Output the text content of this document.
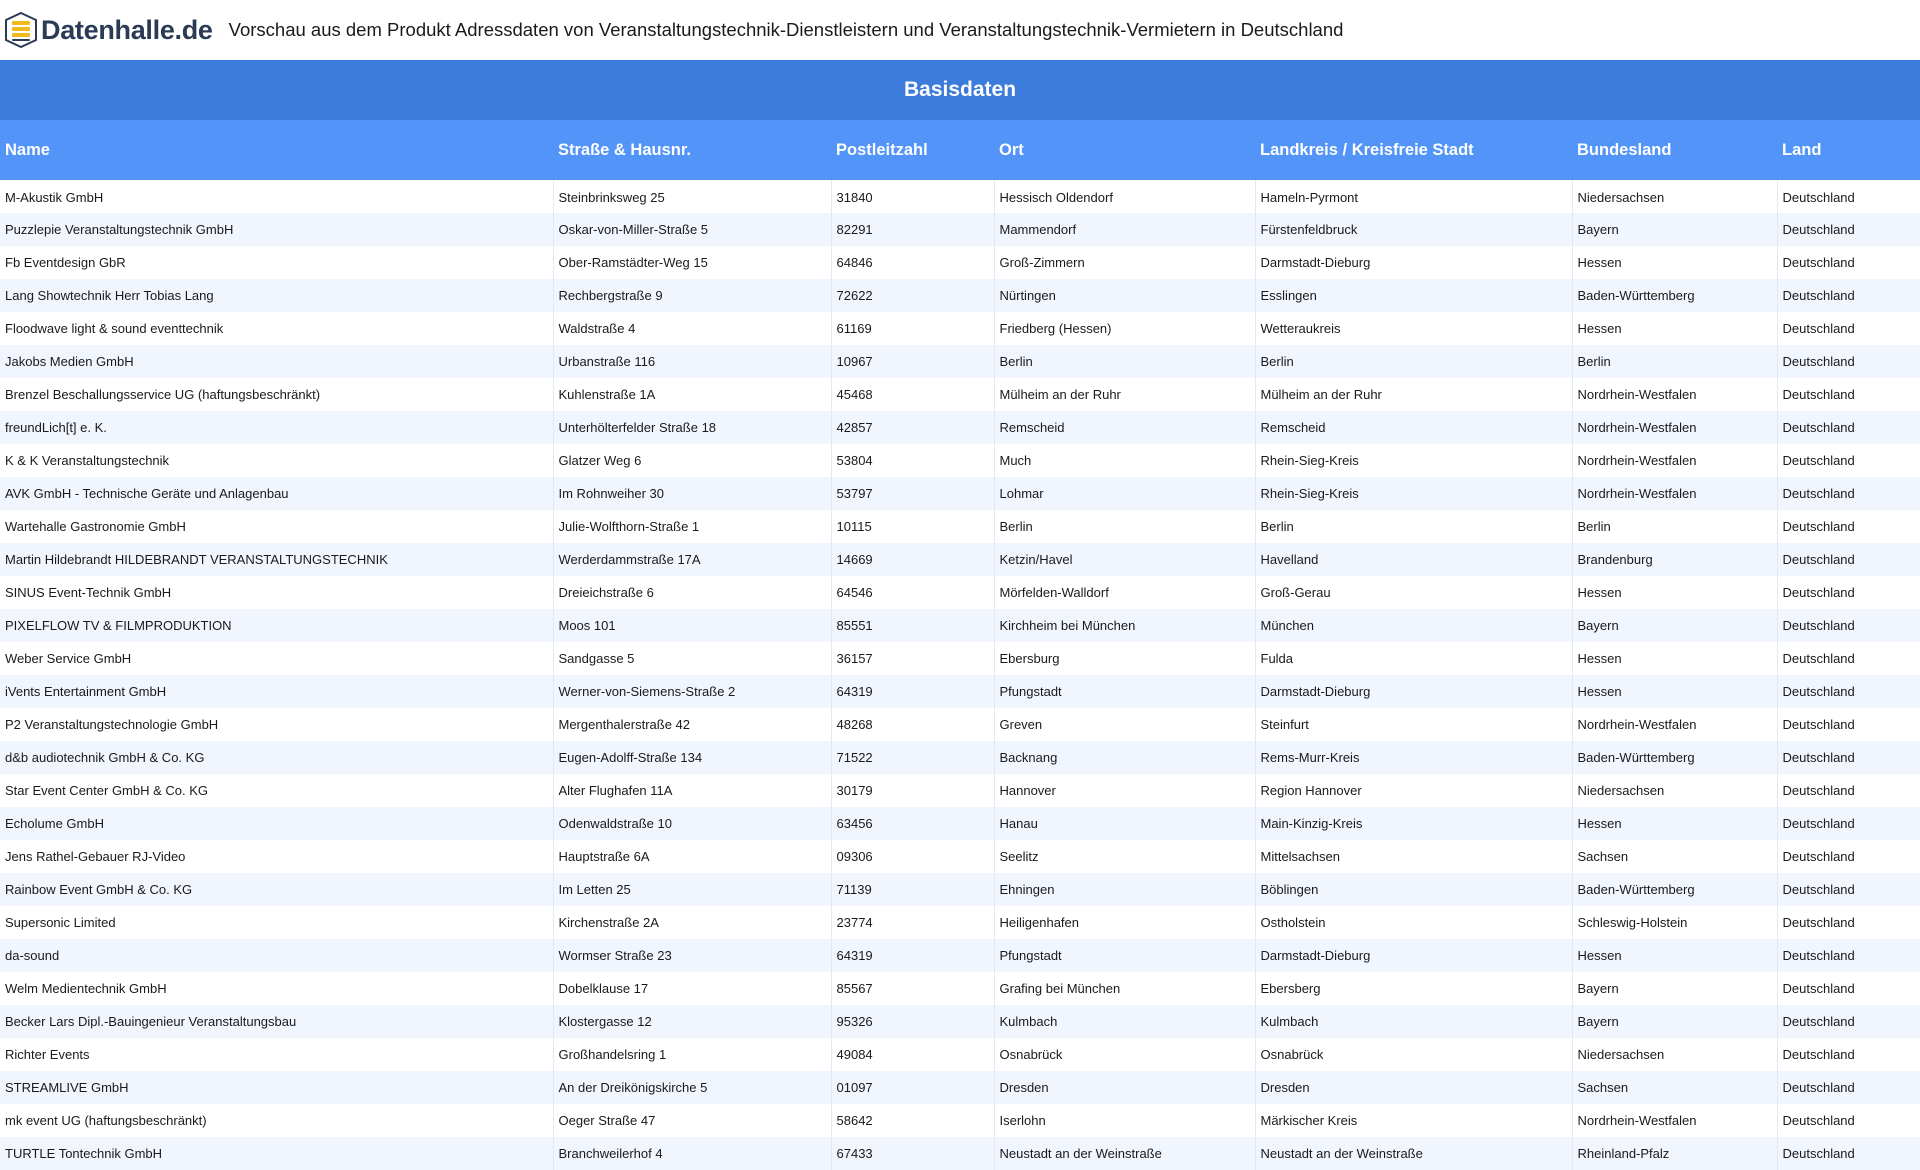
Datenhalle.de Vorschau aus dem Produkt Adressdaten von Veranstaltungstechnik-Dienstleistern und Veranstaltungstechnik-Vermietern in Deutschland
Basisdaten						
Name	Straße & Hausnr.	Postleitzahl	Ort	Landkreis / Kreisfreie Stadt	Bundesland	Land
M-Akustik GmbH	Steinbrinksweg 25	31840	Hessisch Oldendorf	Hameln-Pyrmont	Niedersachsen	Deutschland
Puzzlepie Veranstaltungstechnik GmbH	Oskar-von-Miller-Straße 5	82291	Mammendorf	Fürstenfeldbruck	Bayern	Deutschland
Fb Eventdesign GbR	Ober-Ramstädter-Weg 15	64846	Groß-Zimmern	Darmstadt-Dieburg	Hessen	Deutschland
Lang Showtechnik Herr Tobias Lang	Rechbergstraße 9	72622	Nürtingen	Esslingen	Baden-Württemberg	Deutschland
Floodwave light & sound eventtechnik	Waldstraße 4	61169	Friedberg (Hessen)	Wetteraukreis	Hessen	Deutschland
Jakobs Medien GmbH	Urbanstraße 116	10967	Berlin	Berlin	Berlin	Deutschland
Brenzel Beschallungsservice UG (haftungsbeschränkt)	Kuhlenstraße 1A	45468	Mülheim an der Ruhr	Mülheim an der Ruhr	Nordrhein-Westfalen	Deutschland
freundLich[t] e. K.	Unterhölterfelder Straße 18	42857	Remscheid	Remscheid	Nordrhein-Westfalen	Deutschland
K & K Veranstaltungstechnik	Glatzer Weg 6	53804	Much	Rhein-Sieg-Kreis	Nordrhein-Westfalen	Deutschland
AVK GmbH - Technische Geräte und Anlagenbau	Im Rohnweiher 30	53797	Lohmar	Rhein-Sieg-Kreis	Nordrhein-Westfalen	Deutschland
Wartehalle Gastronomie GmbH	Julie-Wolfthorn-Straße 1	10115	Berlin	Berlin	Berlin	Deutschland
Martin Hildebrandt HILDEBRANDT VERANSTALTUNGSTECHNIK	Werderdammstraße 17A	14669	Ketzin/Havel	Havelland	Brandenburg	Deutschland
SINUS Event-Technik GmbH	Dreieichstraße 6	64546	Mörfelden-Walldorf	Groß-Gerau	Hessen	Deutschland
PIXELFLOW TV & FILMPRODUKTION	Moos 101	85551	Kirchheim bei München	München	Bayern	Deutschland
Weber Service GmbH	Sandgasse 5	36157	Ebersburg	Fulda	Hessen	Deutschland
iVents Entertainment GmbH	Werner-von-Siemens-Straße 2	64319	Pfungstadt	Darmstadt-Dieburg	Hessen	Deutschland
P2 Veranstaltungstechnologie GmbH	Mergenthalerstraße 42	48268	Greven	Steinfurt	Nordrhein-Westfalen	Deutschland
d&b audiotechnik GmbH & Co. KG	Eugen-Adolff-Straße 134	71522	Backnang	Rems-Murr-Kreis	Baden-Württemberg	Deutschland
Star Event Center GmbH & Co. KG	Alter Flughafen 11A	30179	Hannover	Region Hannover	Niedersachsen	Deutschland
Echolume GmbH	Odenwaldstraße 10	63456	Hanau	Main-Kinzig-Kreis	Hessen	Deutschland
Jens Rathel-Gebauer RJ-Video	Hauptstraße 6A	09306	Seelitz	Mittelsachsen	Sachsen	Deutschland
Rainbow Event GmbH & Co. KG	Im Letten 25	71139	Ehningen	Böblingen	Baden-Württemberg	Deutschland
Supersonic Limited	Kirchenstraße 2A	23774	Heiligenhafen	Ostholstein	Schleswig-Holstein	Deutschland
da-sound	Wormser Straße 23	64319	Pfungstadt	Darmstadt-Dieburg	Hessen	Deutschland
Welm Medientechnik GmbH	Dobelklause 17	85567	Grafing bei München	Ebersberg	Bayern	Deutschland
Becker Lars Dipl.-Bauingenieur Veranstaltungsbau	Klostergasse 12	95326	Kulmbach	Kulmbach	Bayern	Deutschland
Richter Events	Großhandelsring 1	49084	Osnabrück	Osnabrück	Niedersachsen	Deutschland
STREAMLIVE GmbH	An der Dreikönigskirche 5	01097	Dresden	Dresden	Sachsen	Deutschland
mk event UG (haftungsbeschränkt)	Oeger Straße 47	58642	Iserlohn	Märkischer Kreis	Nordrhein-Westfalen	Deutschland
TURTLE Tontechnik GmbH	Branchweilerhof 4	67433	Neustadt an der Weinstraße	Neustadt an der Weinstraße	Rheinland-Pfalz	Deutschland
